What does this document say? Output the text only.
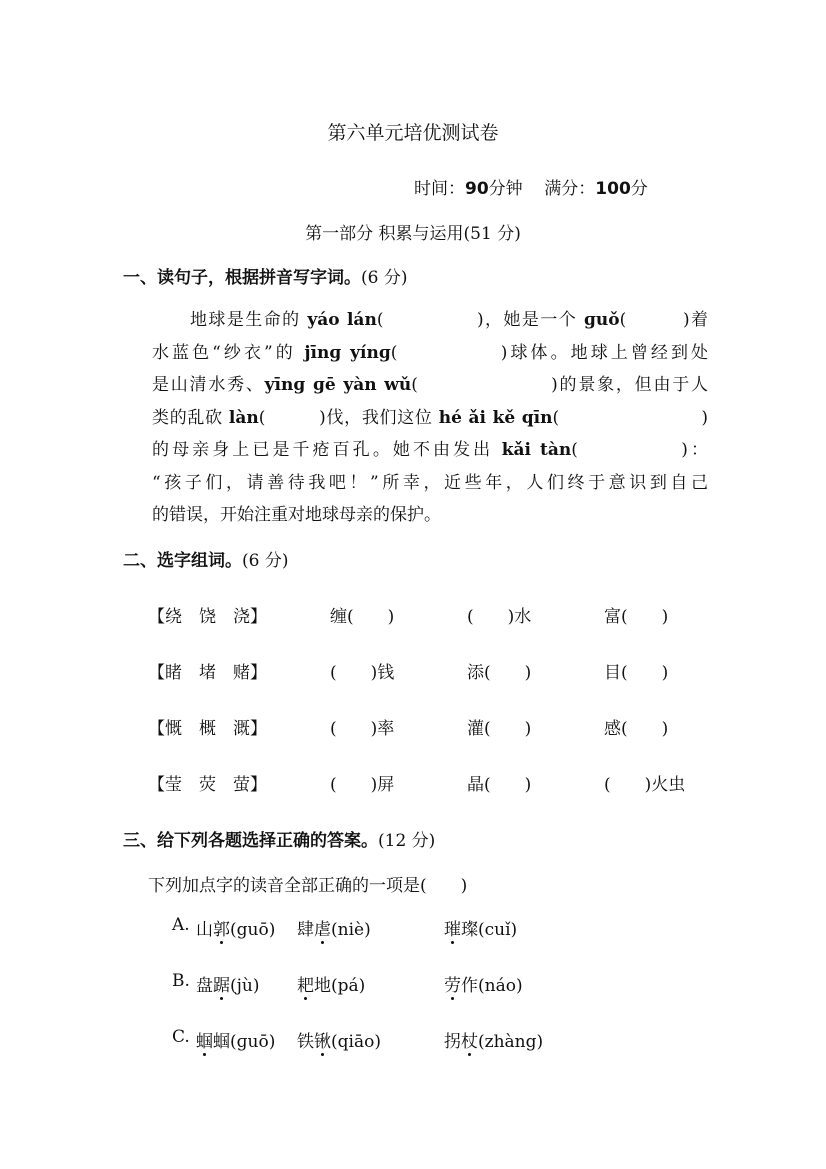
第六单元培优测试卷
时间：90分钟 满分：100分
第一部分 积累与运用(51 分)
一、读句子，根据拼音写字词。(6 分)
地球是生命的 yáo lán(　　　　　)，她是一个 ɡuǒ(　　　)着
水蓝色“纱衣”的 jīnɡ yínɡ(　　　　　)球体。地球上曾经到处
是山清水秀、yīnɡ ɡē yàn wǔ(　　　　　　　)的景象，但由于人
类的乱砍 làn(　　　)伐，我们这位 hé ǎi kě qīn(　　　　　　　　)
的母亲身上已是千疮百孔。她不由发出 kǎi tàn(　　　　　)：
“孩子们，请善待我吧！”所幸，近些年，人们终于意识到自己
的错误，开始注重对地球母亲的保护。
二、选字组词。(6 分)
【绕　饶　浇】	缠(　　)	(　　)水	富(　　)
【睹　堵　赌】	(　　)钱	添(　　)	目(　　)
【慨　概　溉】	(　　)率	灌(　　)	感(　　)
【莹　荧　萤】	(　　)屏	晶(　　)	(　　)火虫
三、给下列各题选择正确的答案。(12 分)
下列加点字的读音全部正确的一项是(　　)
A. 山郭(guō) 肆虐(niè)	璀璨(cuǐ)
B. 盘踞(jù) 耙地(pá)	劳作(náo)
C. 蝈蝈(ɡuō) 铁锹(qiāo)	拐杖(zhàng)
